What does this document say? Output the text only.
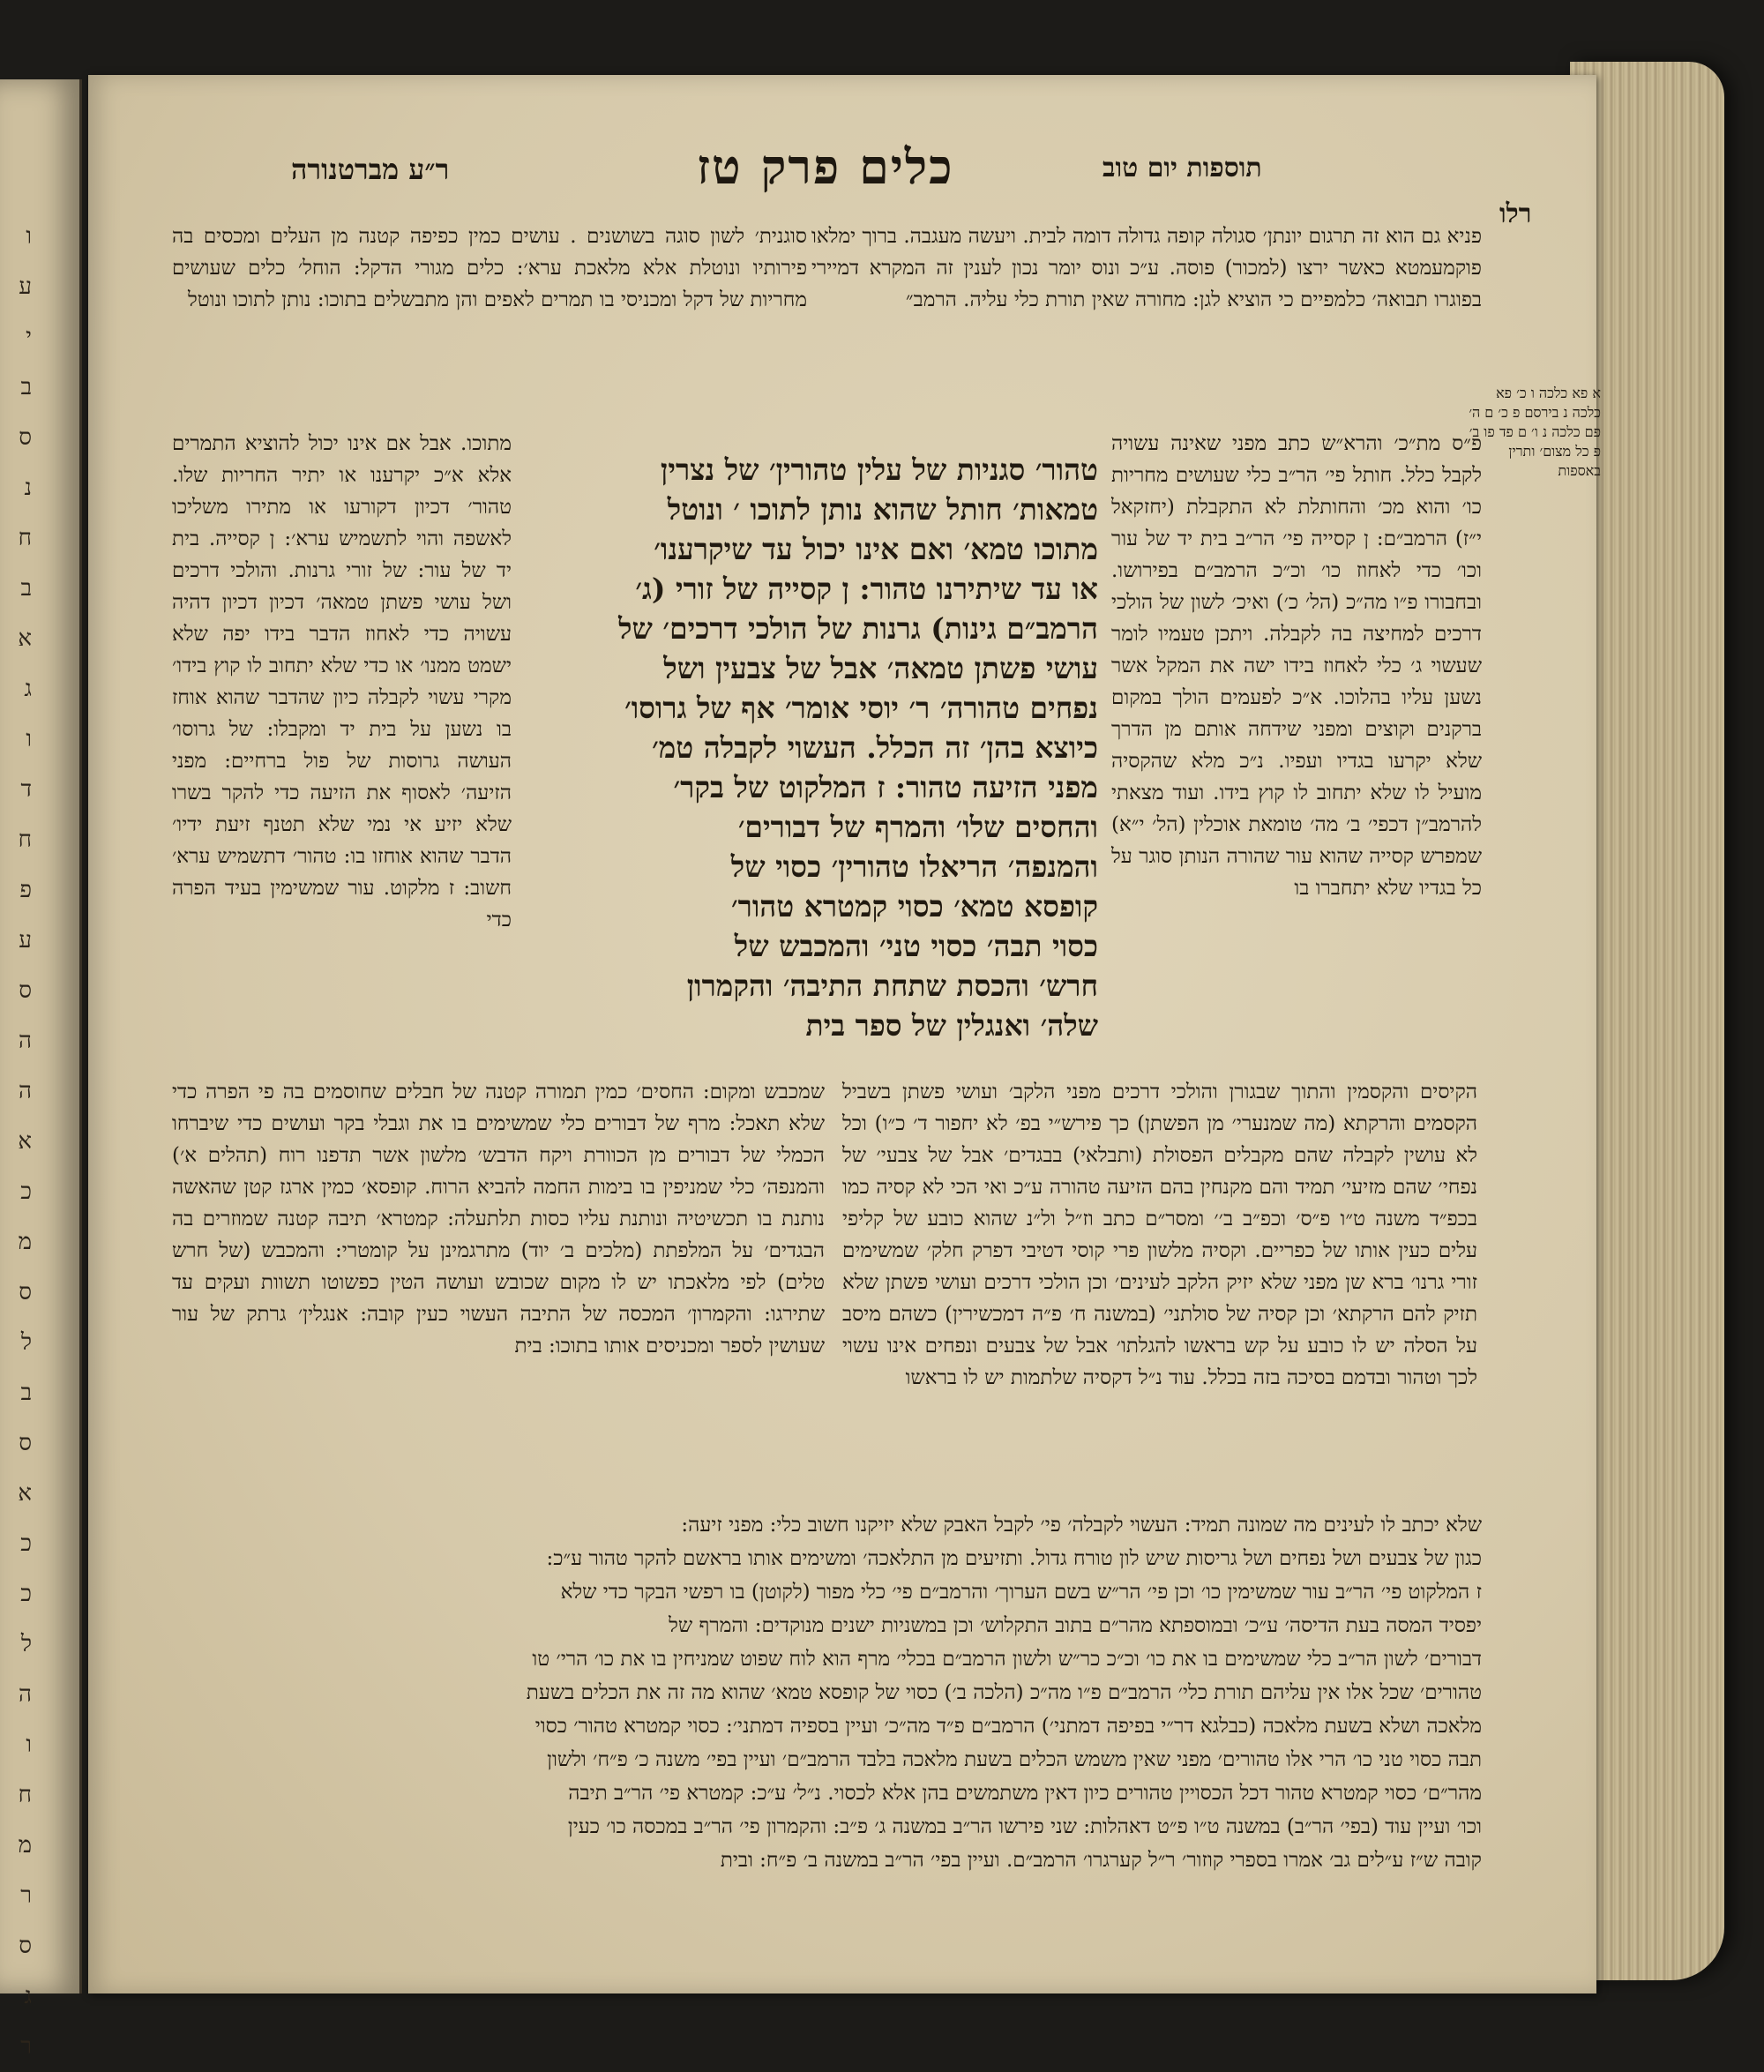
ו
ע
י
ב
ס
נ
ח
ב
א
ג
ו
ד
ח
פ
ע
ס
ה
ה
א
כ
מ
ס
ל
ב
ס
א
כ
כ
ל
ה
ו
ח
מ
ר
ס
ג
ר
ר״ע מברטנורה	כלים פרק טז	תוספות יום טוב
רלו
א פא כלכה ו כ׳ פא כלכה נ בירסם פ כ׳ ם ה׳ פם כלכה נ ו׳ ם פד פו ב׳ פ כל מצום׳ ותרין באספות
פניא גם הוא זה תרגום יונתן׳ סגולה קופה גדולה דומה לבית. ויעשה מעגבה. ברוך ימלאו פוקמעמטא כאשר ירצו (למכור) פוסה. ע״כ ונוס יומר נכון לענין זה המקרא דמיירי בפוגרו תבואה׳ כלמפיים כי הוציא לגן: מחורה שאין תורת כלי עליה. הרמב״
סוגנית׳ לשון סוגה בשושנים . עושים כמין כפיפה קטנה מן העלים ומכסים בה פירותיו ונוטלת אלא מלאכת ערא׳: כלים מגורי הדקל: הוחל׳ כלים שעושים מחריות של דקל ומכניסי בו תמרים לאפים והן מתבשלים בתוכו: נותן לתוכו ונוטל
פ״ס מת״כ׳ והרא״ש כתב מפני שאינה עשויה לקבל כלל. חותל פי׳ הר״ב כלי שעושים מחריות כו׳ והוא מכ׳ והחותלת לא התקבלת (יחזקאל י״ז) הרמב״ם: ן קסייה פי׳ הר״ב בית יד של עור וכו׳ כדי לאחוז כו׳ וכ״כ הרמב״ם בפירושו. ובחבורו פ״ו מה״כ (הל׳ כ׳) ואיכ׳ לשון של הולכי דרכים למחיצה בה לקבלה. ויתכן טעמיו לומר שעשוי ג׳ כלי לאחוז בידו ישה את המקל אשר נשען עליו בהלוכו. א״כ לפעמים הולך במקום ברקנים וקוצים ומפני שידחה אותם מן הדרך שלא יקרעו בגדיו ועפיו. נ״כ מלא שהקסיה מועיל לו שלא יתחוב לו קוץ בידו. ועוד מצאתי להרמב״ן דכפי׳ ב׳ מה׳ טומאת אוכלין (הל׳ י״א) שמפרש קסייה שהוא עור שהורה הנותן סוגר על כל בגדיו שלא יתחברו בו
מתוכו. אבל אם אינו יכול להוציא התמרים אלא א״כ יקרענו או יתיר החריות שלו. טהור׳ דכיון דקורעו או מתירו משליכו לאשפה והוי לתשמיש ערא׳: ן קסייה. בית יד של עור: של זורי גרנות. והולכי דרכים ושל עושי פשתן טמאה׳ דכיון דכיון דהיה עשויה כדי לאחוז הדבר בידו יפה שלא ישמט ממנו׳ או כדי שלא יתחוב לו קוץ בידו׳ מקרי עשוי לקבלה כיון שהדבר שהוא אוחז בו נשען על בית יד ומקבלו: של גרוסו׳ העושה גרוסות של פול ברחיים: מפני הזיעה׳ לאסוף את הזיעה כדי להקר בשרו שלא יזיע אי נמי שלא תטנף זיעת ידיו׳ הדבר שהוא אוחזו בו: טהור׳ דתשמיש ערא׳ חשוב: ז מלקוט. עור שמשימין בעיד הפרה כדי
טהור׳ סגניות של עלין טהורין׳ של נצרין
טמאות׳ חותל שהוא נותן לתוכו ׳ ונוטל
מתוכו טמא׳ ואם אינו יכול עד שיקרענו׳
או עד שיתירנו טהור: ן קסייה של זורי (ג׳
הרמב״ם גינות) גרנות של הולכי דרכים׳ של
עושי פשתן טמאה׳ אבל של צבעין ושל
נפחים טהורה׳ ר׳ יוסי אומר׳ אף של גרוסו׳
כיוצא בהן׳ זה הכלל. העשוי לקבלה טמ׳
מפני הזיעה טהור: ז המלקוט של בקר׳
והחסים שלו׳ והמרף של דבורים׳
והמנפה׳ הריאלו טהורין׳ כסוי של
קופסא טמא׳ כסוי קמטרא טהור׳
כסוי תבה׳ כסוי טני׳ והמכבש של
חרש׳ והכסת שתחת התיבה׳ והקמרון
שלה׳ ואנגלין של ספר בית
שמכבש ומקום: החסים׳ כמין תמורה קטנה של חבלים שחוסמים בה פי הפרה כדי שלא תאכל: מרף של דבורים כלי שמשימים בו את וגבלי בקר ועושים כדי שיברחו הכמלי של דבורים מן הכוורת ויקח הדבש׳ מלשון אשר תדפנו רוח (תהלים א׳) והמנפה׳ כלי שמניפין בו בימות החמה להביא הרוח. קופסא׳ כמין ארגז קטן שהאשה נותנת בו תכשיטיה ונותנת עליו כסות תלתעלה: קמטרא׳ תיבה קטנה שמוזרים בה הבגדים׳ על המלפתת (מלכים ב׳ יוד) מתרגמינן על קומטרי: והמכבש (של חרש טלים) לפי מלאכתו יש לו מקום שכובש ועושה הטין כפשוטו תשוות ועקים עד שתירגו: והקמרון׳ המכסה של התיבה העשוי כעין קובה: אנגלין׳ גרתק של עור שעושין לספר ומכניסים אותו בתוכו: בית
הקיסים והקסמין והתוך שבגורן והולכי דרכים מפני הלקב׳ ועושי פשתן בשביל הקסמים והרקתא (מה שמנערי׳ מן הפשתן) כך פירש״י בפ׳ לא יחפור ד׳ כ״ו) וכל לא עושין לקבלה שהם מקבלים הפסולת (ותבלאי) בבגדים׳ אבל של צבעי׳ של נפחי׳ שהם מזיעי׳ תמיד והם מקנחין בהם הזיעה טהורה ע״כ ואי הכי לא קסיה כמו בכפ״ד משנה ט״ו פ״ס׳ וכפ״ב ב׳׳ ומסר״ם כתב וז״ל ול״נ שהוא כובע של קליפי עלים כעין אותו של כפריים. וקסיה מלשון פרי קוסי דטיבי דפרק חלק׳ שמשימים זורי גרנו׳ ברא שן מפני שלא יזיק הלקב לעינים׳ וכן הולכי דרכים ועושי פשתן שלא תזיק להם הרקתא׳ וכן קסיה של סולתני׳ (במשנה ח׳ פ״ה דמכשירין) כשהם מיסב על הסלה יש לו כובע על קש בראשו להגלתו׳ אבל של צבעים ונפחים אינו עשוי לכך וטהור ובדמם בסיכה בזה בכלל. עוד נ״ל דקסיה שלתמות יש לו בראשו
שלא יכתב לו לעינים מה שמונה תמיד: העשוי לקבלה׳ פי׳ לקבל האבק שלא יזיקנו חשוב כלי: מפני זיעה:
כגון של צבעים ושל נפחים ושל גריסות שיש לון טורח גדול. ותזיעים מן התלאכה׳ ומשימים אותו בראשם להקר טהור ע״כ:
ז המלקוט פי׳ הר״ב עור שמשימין כו׳ וכן פי׳ הר״ש בשם הערוך׳ והרמב״ם פי׳ כלי מפור (לקוטן) בו רפשי הבקר כדי שלא
יפסיד המסה בעת הדיסה׳ ע״כ׳ ובמוספתא מהר״ם בתוב התקלוש׳ וכן במשניות ישנים מנוקדים: והמרף של
דבורים׳ לשון הר״ב כלי שמשימים בו את כו׳ וכ״כ כר״ש ולשון הרמב״ם בכלי׳ מרף הוא לוח שפוט שמניחין בו את כו׳ הרי׳ טו
טהורים׳ שכל אלו אין עליהם תורת כלי׳ הרמב״ם פ״ו מה״כ (הלכה ב׳) כסוי של קופסא טמא׳ שהוא מה זה את הכלים בשעת
מלאכה ושלא בשעת מלאכה (כבלגא דר״י בפיפה דמתני׳) הרמב״ם פ״ד מה״כ׳ ועיין בספיה דמתני׳: כסוי קמטרא טהור׳ כסוי
תבה כסוי טני כו׳ הרי אלו טהורים׳ מפני שאין משמש הכלים בשעת מלאכה בלבד הרמב״ם׳ ועיין בפי׳ משנה כ׳ פ״ח׳ ולשון
מהר״ם׳ כסוי קמטרא טהור דכל הכסויין טהורים כיון דאין משתמשים בהן אלא לכסוי. נ״ל׳ ע״כ: קמטרא פי׳ הר״ב תיבה
וכו׳ ועיין עוד (בפי׳ הר״ב) במשנה ט״ו פ״ט דאהלות: שני פירשו הר״ב במשנה ג׳ פ״ב: והקמרון פי׳ הר״ב במכסה כו׳ כעין
קובה ש״ז ע״לים גב׳ אמרו בספרי קוזור׳ ר״ל קערגרו׳ הרמב״ם. ועיין בפי׳ הר״ב במשנה ב׳ פ״ח: ובית
